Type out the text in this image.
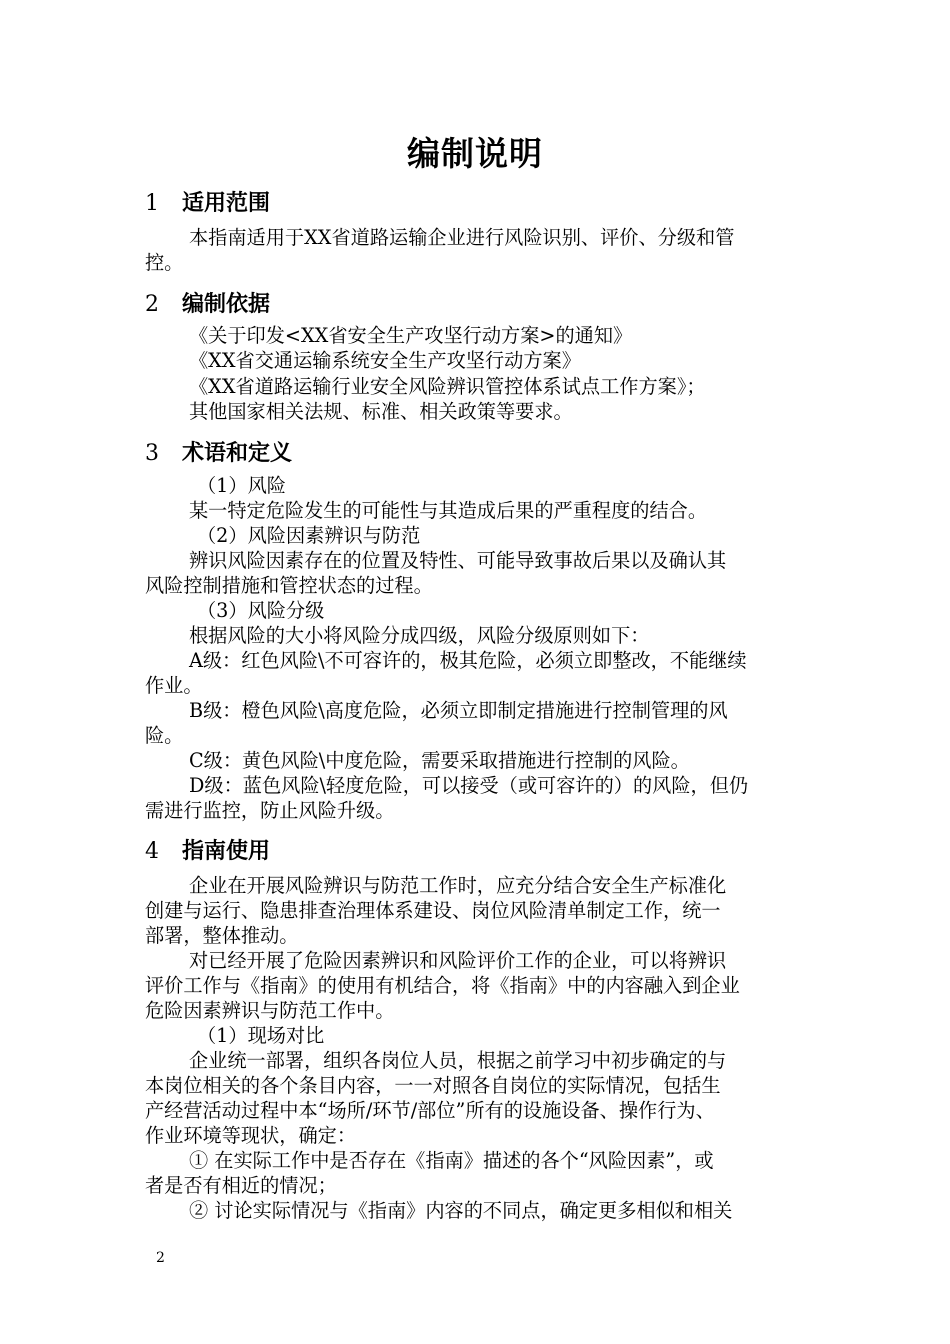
编制说明
1 适用范围
本指南适用于XX省道路运输企业进行风险识别、评价、分级和管
控。
2 编制依据
《关于印发<XX省安全生产攻坚行动方案>的通知》
《XX省交通运输系统安全生产攻坚行动方案》
《XX省道路运输行业安全风险辨识管控体系试点工作方案》；
其他国家相关法规、标准、相关政策等要求。
3 术语和定义
（1）风险
某一特定危险发生的可能性与其造成后果的严重程度的结合。
（2）风险因素辨识与防范
辨识风险因素存在的位置及特性、可能导致事故后果以及确认其
风险控制措施和管控状态的过程。
（3）风险分级
根据风险的大小将风险分成四级，风险分级原则如下：
A级：红色风险\不可容许的，极其危险，必须立即整改，不能继续
作业。
B级：橙色风险\高度危险，必须立即制定措施进行控制管理的风
险。
C级：黄色风险\中度危险，需要采取措施进行控制的风险。
D级：蓝色风险\轻度危险，可以接受（或可容许的）的风险，但仍
需进行监控，防止风险升级。
4 指南使用
企业在开展风险辨识与防范工作时，应充分结合安全生产标准化
创建与运行、隐患排查治理体系建设、岗位风险清单制定工作，统一
部署，整体推动。
对已经开展了危险因素辨识和风险评价工作的企业，可以将辨识
评价工作与《指南》的使用有机结合，将《指南》中的内容融入到企业
危险因素辨识与防范工作中。
（1）现场对比
企业统一部署，组织各岗位人员，根据之前学习中初步确定的与
本岗位相关的各个条目内容，一一对照各自岗位的实际情况，包括生
产经营活动过程中本“场所/环节/部位”所有的设施设备、操作行为、
作业环境等现状，确定：
① 在实际工作中是否存在《指南》描述的各个“风险因素”，或
者是否有相近的情况；
② 讨论实际情况与《指南》内容的不同点，确定更多相似和相关
2
